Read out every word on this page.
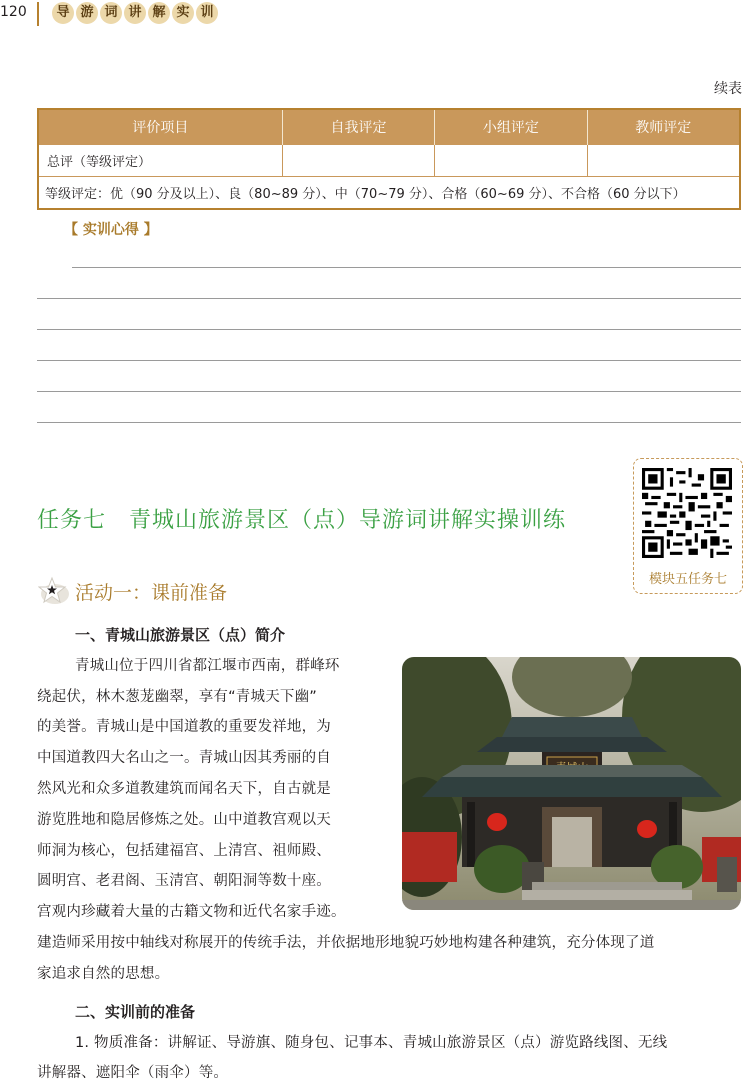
120	导 游 词 讲 解 实 训
续表
评价项目	自我评定	小组评定	教师评定
总评（等级评定）			
等级评定：优（90 分及以上）、良（80~89 分）、中（70~79 分）、合格（60~69 分）、不合格（60 分以下）			
【 实训心得 】
任务七　青城山旅游景区（点）导游词讲解实操训练
模块五任务七
活动一：课前准备
一、青城山旅游景区（点）简介
青城山位于四川省都江堰市西南，群峰环
绕起伏，林木葱茏幽翠，享有“青城天下幽”
的美誉。青城山是中国道教的重要发祥地，为
中国道教四大名山之一。青城山因其秀丽的自
然风光和众多道教建筑而闻名天下，自古就是
游览胜地和隐居修炼之处。山中道教宫观以天
师洞为核心，包括建福宫、上清宫、祖师殿、
圆明宫、老君阁、玉清宫、朝阳洞等数十座。
宫观内珍藏着大量的古籍文物和近代名家手迹。
建造师采用按中轴线对称展开的传统手法，并依据地形地貌巧妙地构建各种建筑，充分体现了道
家追求自然的思想。
二、实训前的准备
1. 物质准备：讲解证、导游旗、随身包、记事本、青城山旅游景区（点）游览路线图、无线
讲解器、遮阳伞（雨伞）等。
